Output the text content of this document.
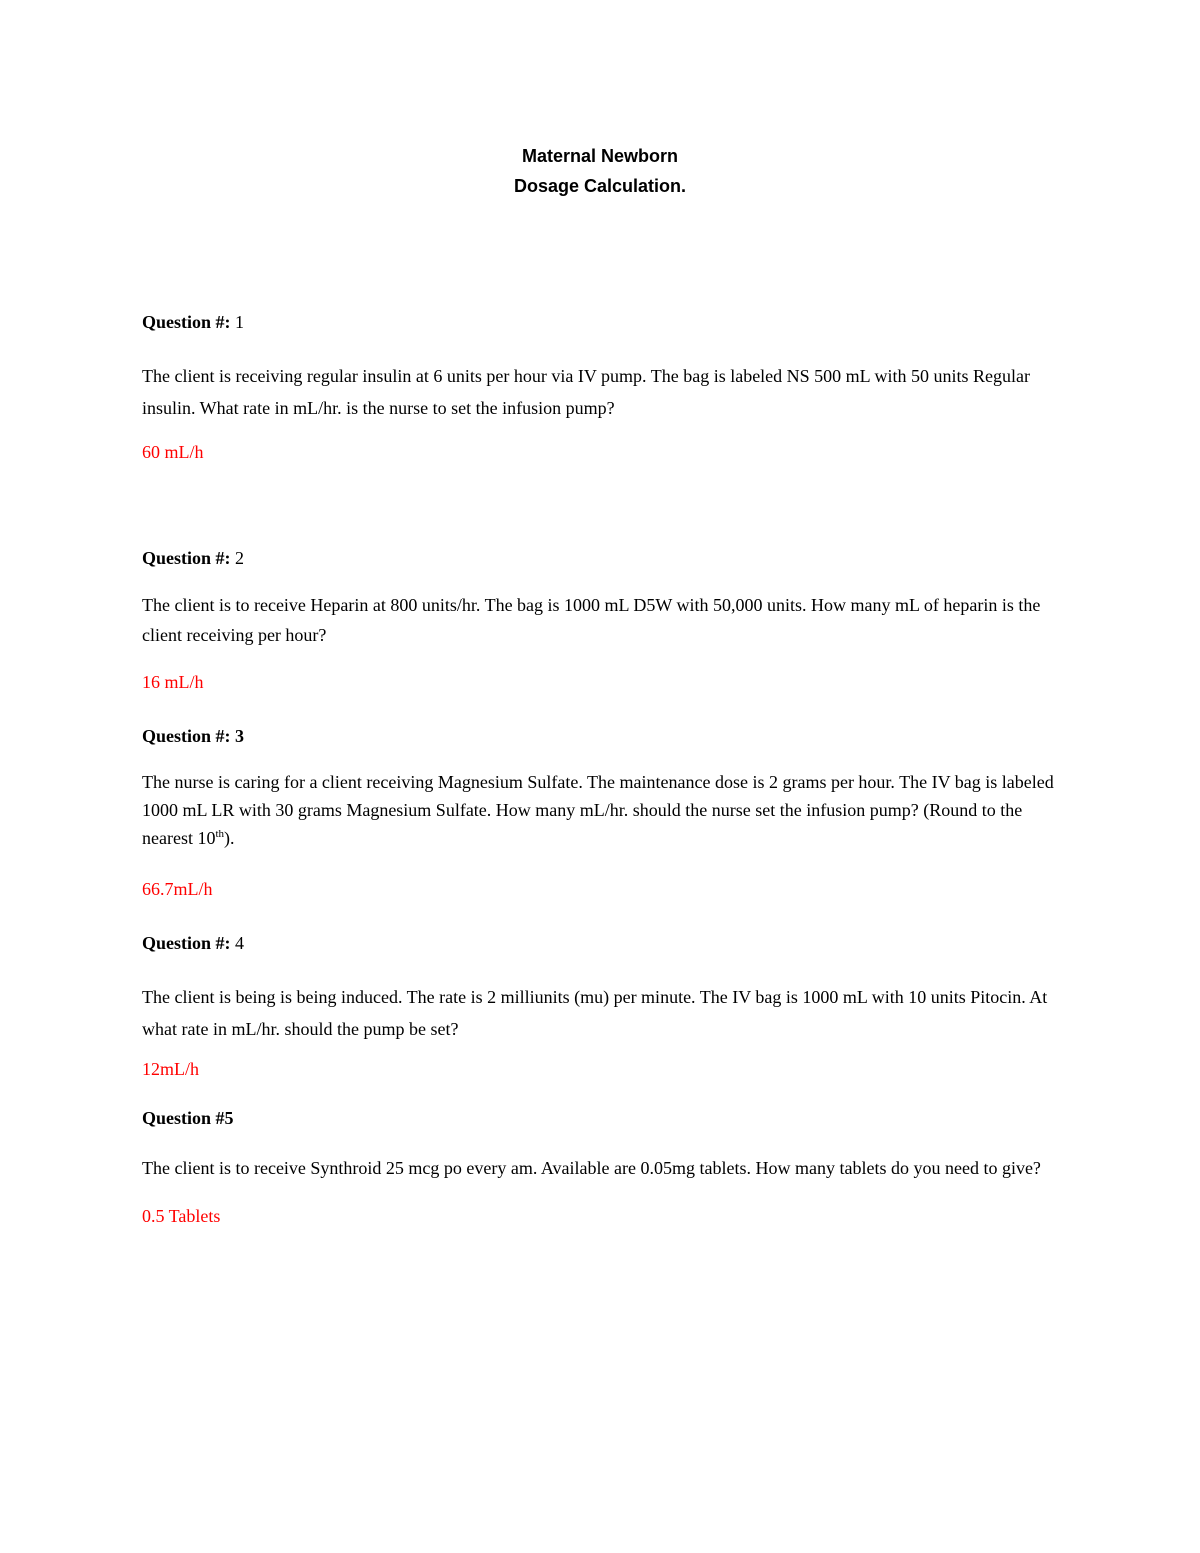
Maternal Newborn
Dosage Calculation.
Question #: 1
The client is receiving regular insulin at 6 units per hour via IV pump. The bag is labeled NS 500 mL with 50 units Regular insulin. What rate in mL/hr. is the nurse to set the infusion pump?
60 mL/h
Question #: 2
The client is to receive Heparin at 800 units/hr. The bag is 1000 mL D5W with 50,000 units. How many mL of heparin is the client receiving per hour?
16 mL/h
Question #: 3
The nurse is caring for a client receiving Magnesium Sulfate. The maintenance dose is 2 grams per hour. The IV bag is labeled 1000 mL LR with 30 grams Magnesium Sulfate. How many mL/hr. should the nurse set the infusion pump? (Round to the nearest 10th).
66.7mL/h
Question #: 4
The client is being is being induced. The rate is 2 milliunits (mu) per minute. The IV bag is 1000 mL with 10 units Pitocin. At what rate in mL/hr. should the pump be set?
12mL/h
Question #5
The client is to receive Synthroid 25 mcg po every am. Available are 0.05mg tablets. How many tablets do you need to give?
0.5 Tablets
